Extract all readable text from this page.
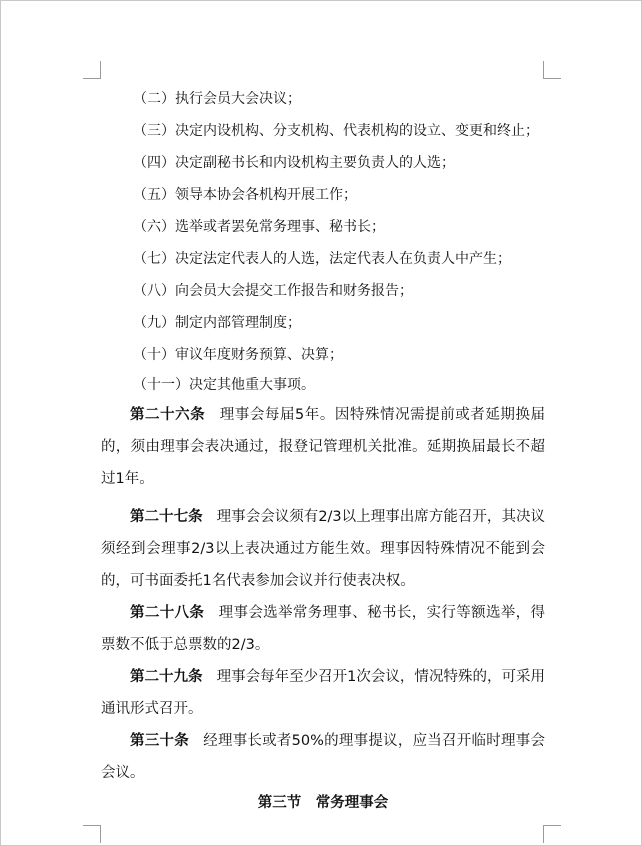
（二）执行会员大会决议；
（三）决定内设机构、分支机构、代表机构的设立、变更和终止；
（四）决定副秘书长和内设机构主要负责人的人选；
（五）领导本协会各机构开展工作；
（六）选举或者罢免常务理事、秘书长；
（七）决定法定代表人的人选，法定代表人在负责人中产生；
（八）向会员大会提交工作报告和财务报告；
（九）制定内部管理制度；
（十）审议年度财务预算、决算；
（十一）决定其他重大事项。

第二十六条 理事会每届5年。因特殊情况需提前或者延期换届的，须由理事会表决通过，报登记管理机关批准。延期换届最长不超过1年。

第二十七条 理事会会议须有2/3以上理事出席方能召开，其决议须经到会理事2/3以上表决通过方能生效。理事因特殊情况不能到会的，可书面委托1名代表参加会议并行使表决权。

第二十八条 理事会选举常务理事、秘书长，实行等额选举，得票数不低于总票数的2/3。

第二十九条 理事会每年至少召开1次会议，情况特殊的，可采用通讯形式召开。

第三十条 经理事长或者50%的理事提议，应当召开临时理事会会议。

第三节　常务理事会
